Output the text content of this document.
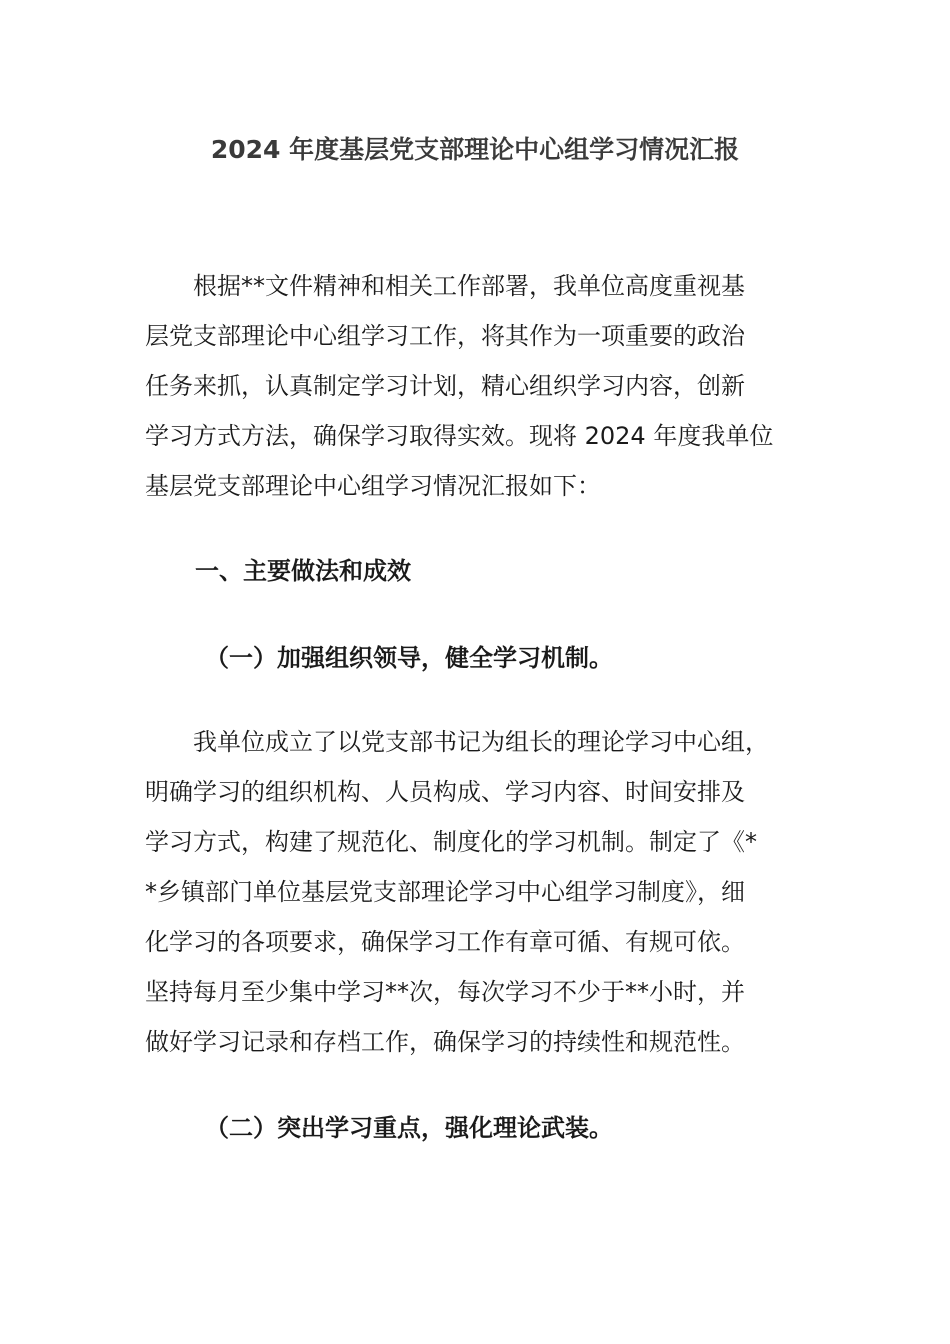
2024 年度基层党支部理论中心组学习情况汇报

　　根据**文件精神和相关工作部署，我单位高度重视基
层党支部理论中心组学习工作，将其作为一项重要的政治
任务来抓，认真制定学习计划，精心组织学习内容，创新
学习方式方法，确保学习取得实效。现将 2024 年度我单位
基层党支部理论中心组学习情况汇报如下：

一、主要做法和成效
（一）加强组织领导，健全学习机制。

　　我单位成立了以党支部书记为组长的理论学习中心组，
明确学习的组织机构、人员构成、学习内容、时间安排及
学习方式，构建了规范化、制度化的学习机制。制定了《*
*乡镇部门单位基层党支部理论学习中心组学习制度》，细
化学习的各项要求，确保学习工作有章可循、有规可依。
坚持每月至少集中学习**次，每次学习不少于**小时，并
做好学习记录和存档工作，确保学习的持续性和规范性。

（二）突出学习重点，强化理论武装。
